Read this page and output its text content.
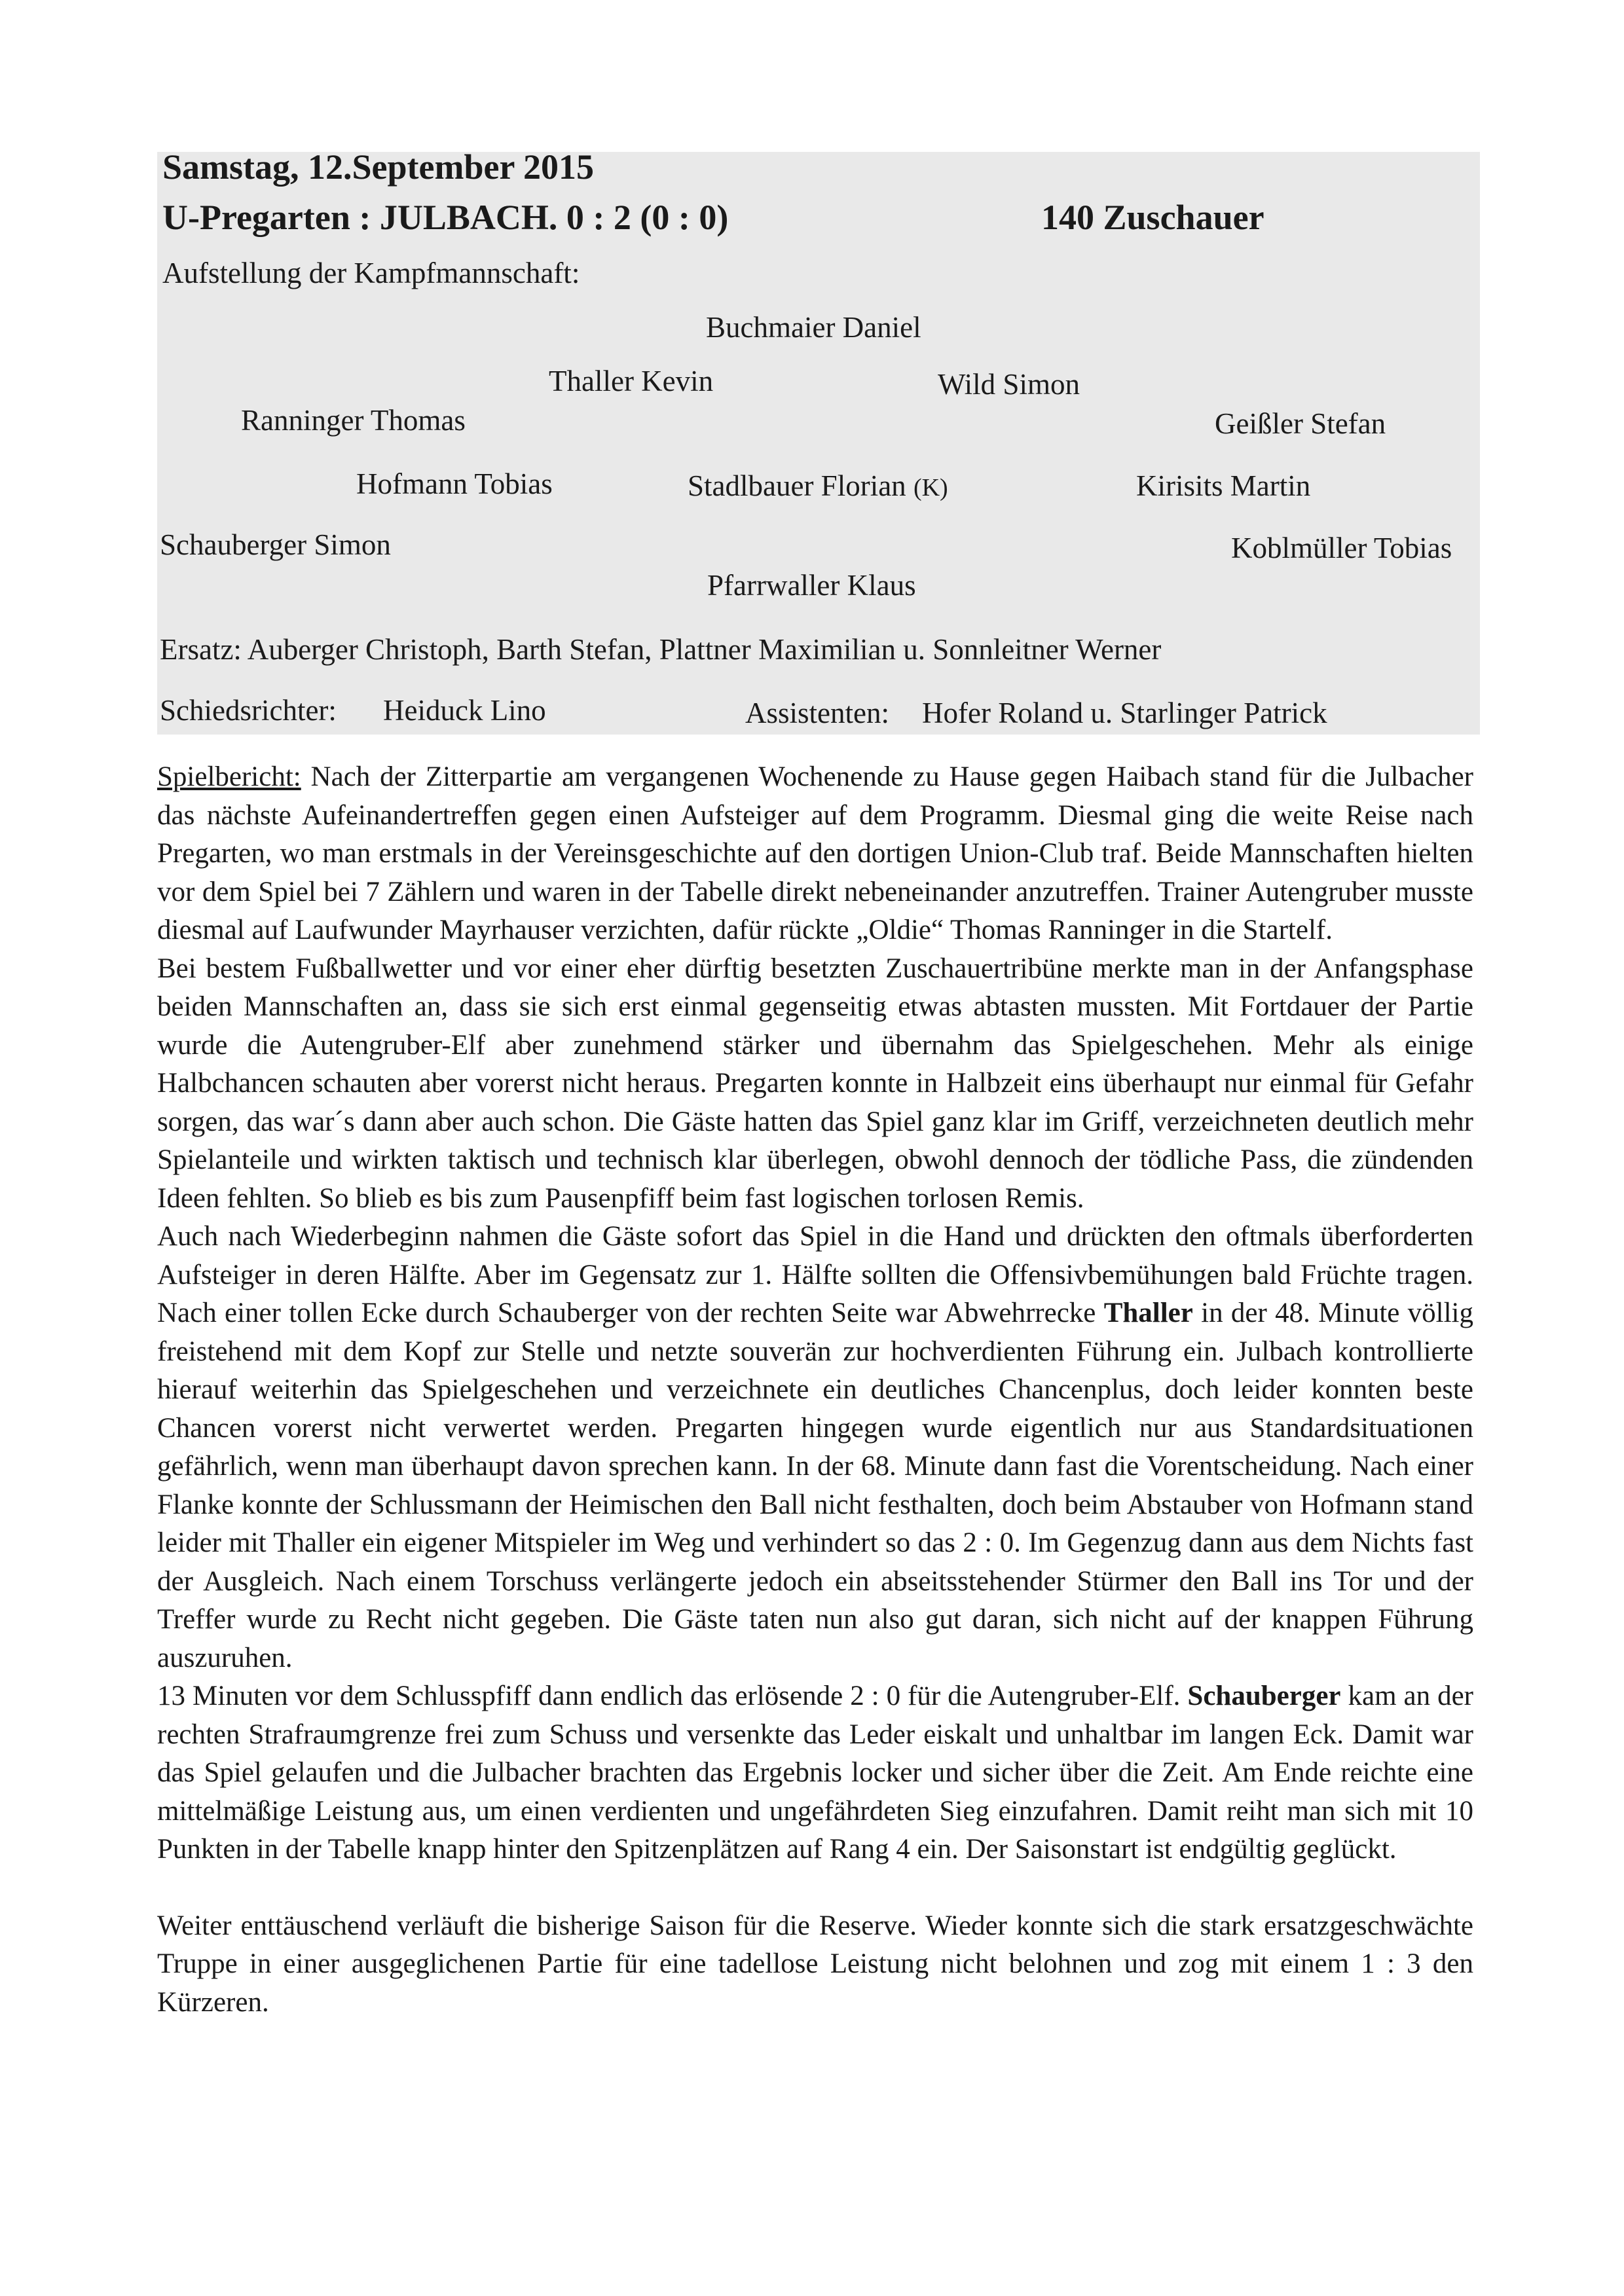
Samstag, 12.September 2015
U-Pregarten : JULBACH. 0 : 2 (0 : 0)	140 Zuschauer
Aufstellung der Kampfmannschaft:
Buchmaier Daniel
Thaller Kevin	Wild Simon
Ranninger Thomas	Geißler Stefan
Hofmann Tobias	Stadlbauer Florian (K)	Kirisits Martin
Schauberger Simon	Koblmüller Tobias
Pfarrwaller Klaus
Ersatz: Auberger Christoph, Barth Stefan, Plattner Maximilian u. Sonnleitner Werner
Schiedsrichter: Heiduck Lino	Assistenten: Hofer Roland u. Starlinger Patrick

Spielbericht: Nach der Zitterpartie am vergangenen Wochenende zu Hause gegen Haibach stand für die Julbacher das nächste Aufeinandertreffen gegen einen Aufsteiger auf dem Programm. Diesmal ging die weite Reise nach Pregarten, wo man erstmals in der Vereinsgeschichte auf den dortigen Union-Club traf. Beide Mannschaften hielten vor dem Spiel bei 7 Zählern und waren in der Tabelle direkt nebeneinander anzutreffen. Trainer Autengruber musste diesmal auf Laufwunder Mayrhauser verzichten, dafür rückte „Oldie“ Thomas Ranninger in die Startelf.

Bei bestem Fußballwetter und vor einer eher dürftig besetzten Zuschauertribüne merkte man in der Anfangsphase beiden Mannschaften an, dass sie sich erst einmal gegenseitig etwas abtasten mussten. Mit Fortdauer der Partie wurde die Autengruber-Elf aber zunehmend stärker und übernahm das Spielgeschehen. Mehr als einige Halbchancen schauten aber vorerst nicht heraus. Pregarten konnte in Halbzeit eins überhaupt nur einmal für Gefahr sorgen, das war´s dann aber auch schon. Die Gäste hatten das Spiel ganz klar im Griff, verzeichneten deutlich mehr Spielanteile und wirkten taktisch und technisch klar überlegen, obwohl dennoch der tödliche Pass, die zündenden Ideen fehlten. So blieb es bis zum Pausenpfiff beim fast logischen torlosen Remis.

Auch nach Wiederbeginn nahmen die Gäste sofort das Spiel in die Hand und drückten den oftmals überforderten Aufsteiger in deren Hälfte. Aber im Gegensatz zur 1. Hälfte sollten die Offensivbemühungen bald Früchte tragen. Nach einer tollen Ecke durch Schauberger von der rechten Seite war Abwehrrecke Thaller in der 48. Minute völlig freistehend mit dem Kopf zur Stelle und netzte souverän zur hochverdienten Führung ein. Julbach kontrollierte hierauf weiterhin das Spielgeschehen und verzeichnete ein deutliches Chancenplus, doch leider konnten beste Chancen vorerst nicht verwertet werden. Pregarten hingegen wurde eigentlich nur aus Standardsituationen gefährlich, wenn man überhaupt davon sprechen kann. In der 68. Minute dann fast die Vorentscheidung. Nach einer Flanke konnte der Schlussmann der Heimischen den Ball nicht festhalten, doch beim Abstauber von Hofmann stand leider mit Thaller ein eigener Mitspieler im Weg und verhindert so das 2 : 0. Im Gegenzug dann aus dem Nichts fast der Ausgleich. Nach einem Torschuss verlängerte jedoch ein abseitsstehender Stürmer den Ball ins Tor und der Treffer wurde zu Recht nicht gegeben. Die Gäste taten nun also gut daran, sich nicht auf der knappen Führung auszuruhen.

13 Minuten vor dem Schlusspfiff dann endlich das erlösende 2 : 0 für die Autengruber-Elf. Schauberger kam an der rechten Strafraumgrenze frei zum Schuss und versenkte das Leder eiskalt und unhaltbar im langen Eck. Damit war das Spiel gelaufen und die Julbacher brachten das Ergebnis locker und sicher über die Zeit. Am Ende reichte eine mittelmäßige Leistung aus, um einen verdienten und ungefährdeten Sieg einzufahren. Damit reiht man sich mit 10 Punkten in der Tabelle knapp hinter den Spitzenplätzen auf Rang 4 ein. Der Saisonstart ist endgültig geglückt.

Weiter enttäuschend verläuft die bisherige Saison für die Reserve. Wieder konnte sich die stark ersatzgeschwächte Truppe in einer ausgeglichenen Partie für eine tadellose Leistung nicht belohnen und zog mit einem 1 : 3 den Kürzeren.
